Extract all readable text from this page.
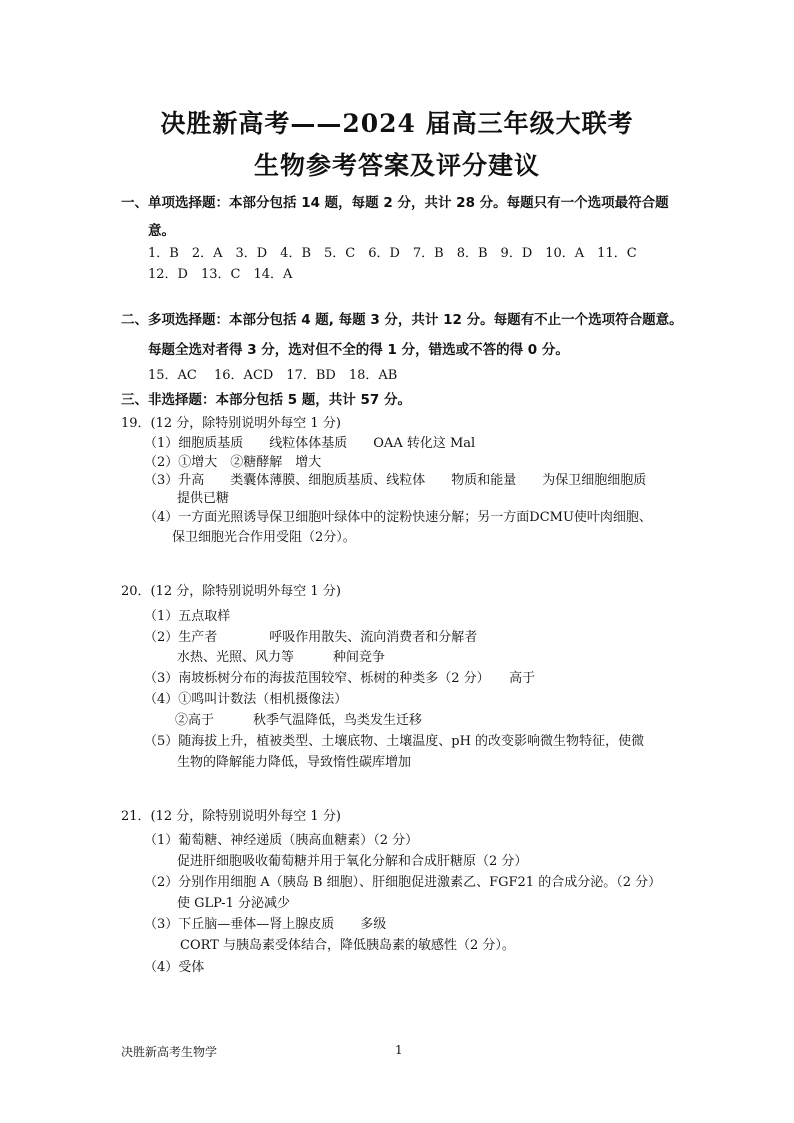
决胜新高考——2024 届高三年级大联考
生物参考答案及评分建议
一、单项选择题：本部分包括 14 题，每题 2 分，共计 28 分。每题只有一个选项最符合题
意。
1．B　2．A　3．D　4．B　5．C　6．D　7．B　8．B　9．D　10．A　11．C
12．D　13．C　14．A
二、多项选择题：本部分包括 4 题, 每题 3 分，共计 12 分。每题有不止一个选项符合题意。
每题全选对者得 3 分，选对但不全的得 1 分，错选或不答的得 0 分。
15．AC　 16．ACD　17．BD　18．AB
三、非选择题：本部分包括 5 题，共计 57 分。
19．(12 分，除特别说明外每空 1 分)
（1）细胞质基质　　线粒体体基质　　OAA 转化这 Mal
（2）①增大　②糖酵解　增大
（3）升高　　类囊体薄膜、细胞质基质、线粒体　　物质和能量　　为保卫细胞细胞质
提供已糖
（4）一方面光照诱导保卫细胞叶绿体中的淀粉快速分解；另一方面DCMU使叶肉细胞、
保卫细胞光合作用受阻（2分）。
20．(12 分，除特别说明外每空 1 分)
（1）五点取样
（2）生产者　　　　呼吸作用散失、流向消费者和分解者
水热、光照、风力等　　　种间竞争
（3）南坡栎树分布的海拔范围较窄、栎树的种类多（2 分）　　高于
（4）①鸣叫计数法（相机摄像法）
②高于　　　秋季气温降低，鸟类发生迁移
（5）随海拔上升，植被类型、土壤底物、土壤温度、pH 的改变影响微生物特征，使微
生物的降解能力降低，导致惰性碳库增加
21．(12 分，除特别说明外每空 1 分)
（1）葡萄糖、神经递质（胰高血糖素）（2 分）
促进肝细胞吸收葡萄糖并用于氧化分解和合成肝糖原（2 分）
（2）分别作用细胞 A（胰岛 B 细胞）、肝细胞促进激素乙、FGF21 的合成分泌。（2 分）
使 GLP-1 分泌减少
（3）下丘脑—垂体—肾上腺皮质　　多级
CORT 与胰岛素受体结合，降低胰岛素的敏感性（2 分）。
（4）受体
决胜新高考生物学	1
